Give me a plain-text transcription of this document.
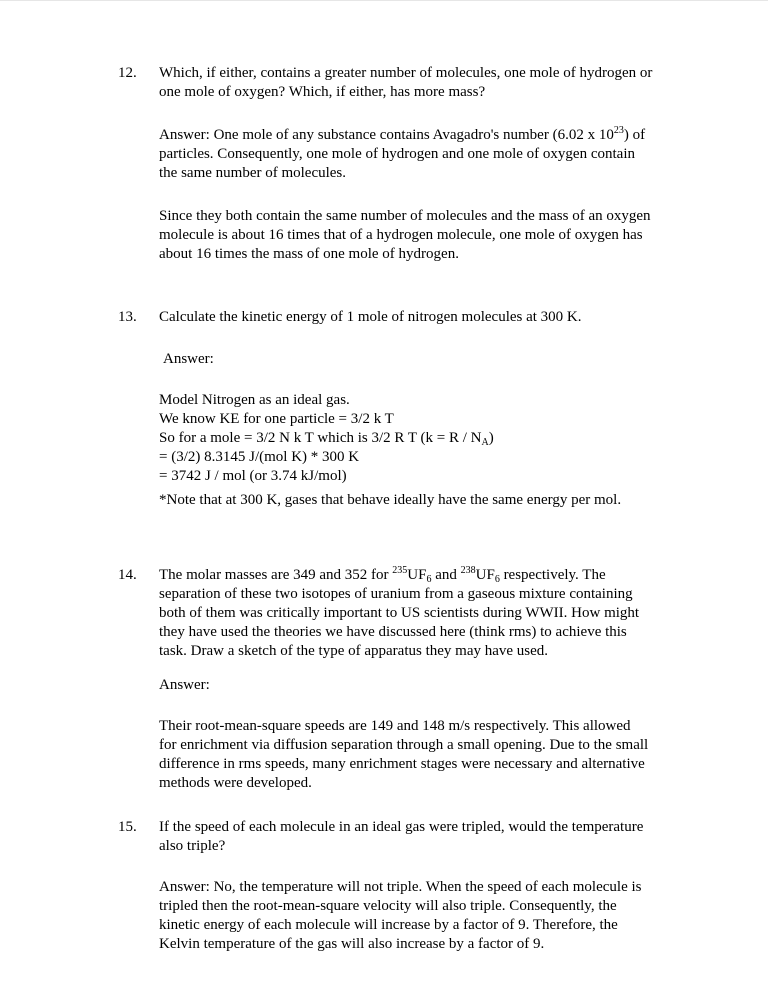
12. Which, if either, contains a greater number of molecules, one mole of hydrogen or
one mole of oxygen? Which, if either, has more mass?
Answer: One mole of any substance contains Avagadro's number (6.02 x $10^{23}$) of
particles. Consequently, one mole of hydrogen and one mole of oxygen contain
the same number of molecules.
Since they both contain the same number of molecules and the mass of an oxygen
molecule is about 16 times that of a hydrogen molecule, one mole of oxygen has
about 16 times the mass of one mole of hydrogen.
13. Calculate the kinetic energy of 1 mole of nitrogen molecules at 300 K.
Answer:
Model Nitrogen as an ideal gas.
We know KE for one particle = 3/2 k T
So for a mole = 3/2 N k T which is 3/2 R T $(k = R / N_A)$
= (3/2) 8.3145 J/(mol K) * 300 K
= 3742 J / mol (or 3.74 kJ/mol)
*Note that at 300 K, gases that behave ideally have the same energy per mol.
14. The molar masses are 349 and 352 for $^{235}UF_6$ and $^{238}UF_6$ respectively. The
separation of these two isotopes of uranium from a gaseous mixture containing
both of them was critically important to US scientists during WWII. How might
they have used the theories we have discussed here (think rms) to achieve this
task. Draw a sketch of the type of apparatus they may have used.
Answer:
Their root-mean-square speeds are 149 and 148 m/s respectively. This allowed
for enrichment via diffusion separation through a small opening. Due to the small
difference in rms speeds, many enrichment stages were necessary and alternative
methods were developed.
15. If the speed of each molecule in an ideal gas were tripled, would the temperature
also triple?
Answer: No, the temperature will not triple. When the speed of each molecule is
tripled then the root-mean-square velocity will also triple. Consequently, the
kinetic energy of each molecule will increase by a factor of 9. Therefore, the
Kelvin temperature of the gas will also increase by a factor of 9.
